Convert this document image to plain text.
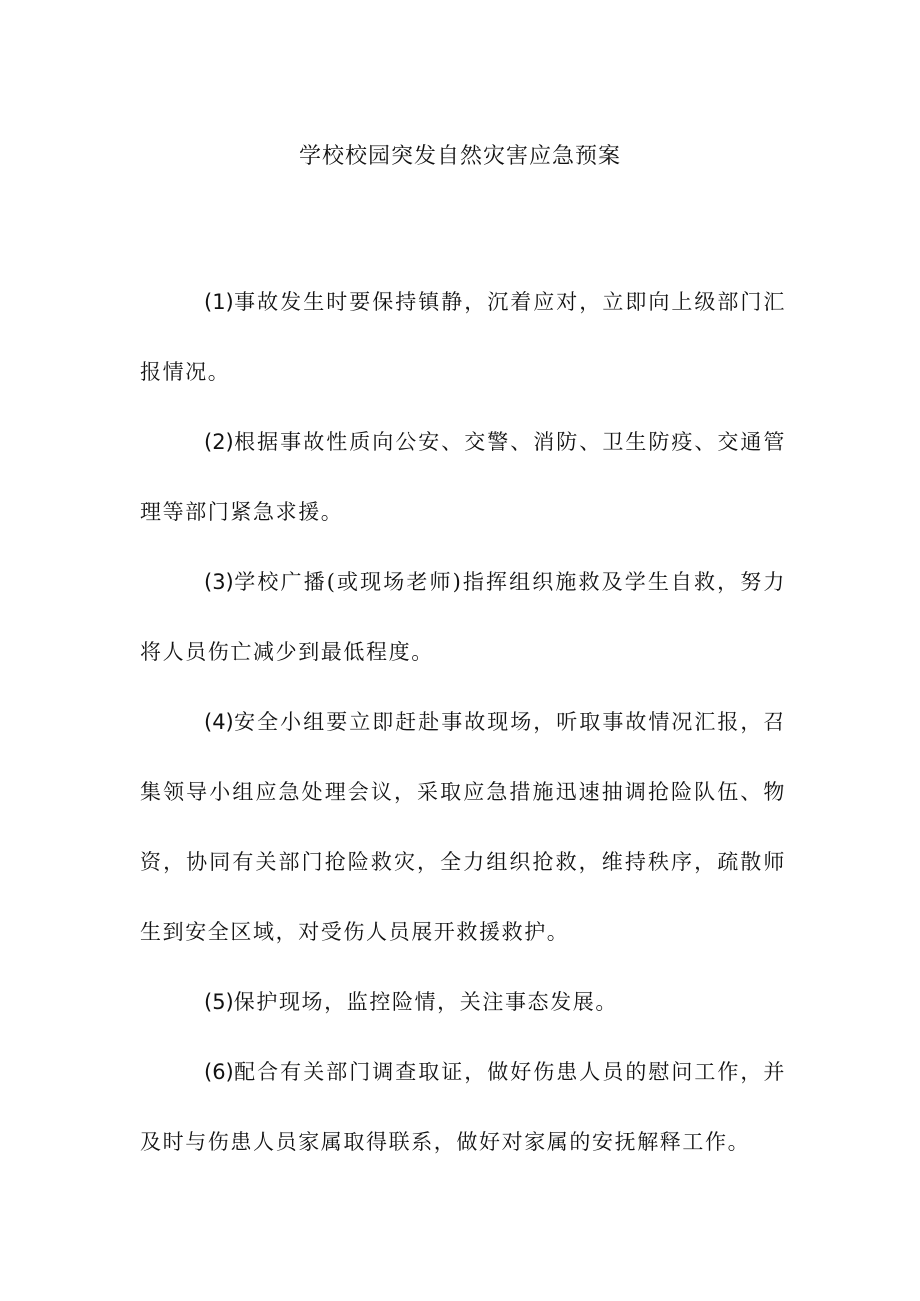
学校校园突发自然灾害应急预案

(1)事故发生时要保持镇静，沉着应对，立即向上级部门汇报情况。

(2)根据事故性质向公安、交警、消防、卫生防疫、交通管理等部门紧急求援。

(3)学校广播(或现场老师)指挥组织施救及学生自救，努力将人员伤亡减少到最低程度。

(4)安全小组要立即赶赴事故现场，听取事故情况汇报，召集领导小组应急处理会议，采取应急措施迅速抽调抢险队伍、物资，协同有关部门抢险救灾，全力组织抢救，维持秩序，疏散师生到安全区域，对受伤人员展开救援救护。

(5)保护现场，监控险情，关注事态发展。

(6)配合有关部门调查取证，做好伤患人员的慰问工作，并及时与伤患人员家属取得联系，做好对家属的安抚解释工作。
